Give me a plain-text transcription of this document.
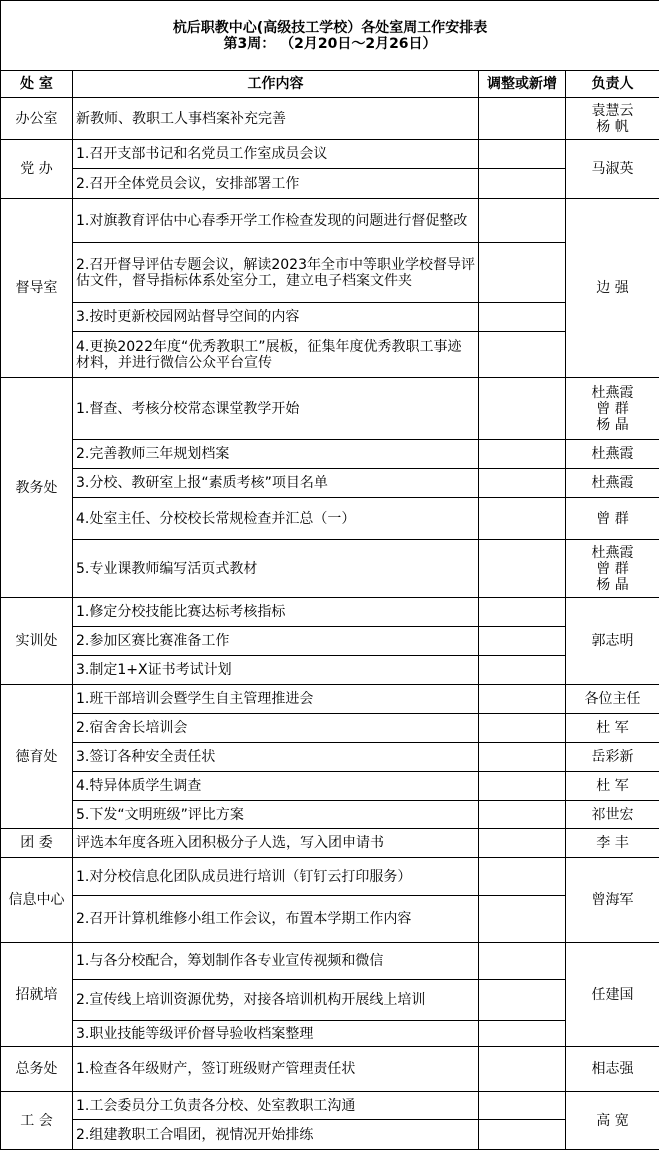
杭后职教中心(高级技工学校）各处室周工作安排表
第3周： （2月20日～2月26日）			

处 室	工作内容	调整或新增	负责人
办公室	新教师、教职工人事档案补充完善		袁慧云
杨 帆

党 办	1.召开支部书记和名党员工作室成员会议		马淑英
	2.召开全体党员会议，安排部署工作		
督导室	1.对旗教育评估中心春季开学工作检查发现的问题进行督促整改		边 强
	2.召开督导评估专题会议，解读2023年全市中等职业学校督导评估文件，督导指标体系处室分工，建立电子档案文件夹		
	3.按时更新校园网站督导空间的内容		
	4.更换2022年度“优秀教职工”展板，征集年度优秀教职工事迹材料，并进行微信公众平台宣传		
教务处	1.督查、考核分校常态课堂教学开始		杜燕霞
曾 群
杨 晶

	2.完善教师三年规划档案		杜燕霞

	3.分校、教研室上报“素质考核”项目名单		杜燕霞

	4.处室主任、分校校长常规检查并汇总（一）		曾 群

	5.专业课教师编写活页式教材		杜燕霞
曾 群
杨 晶

实训处	1.修定分校技能比赛达标考核指标		郭志明
	2.参加区赛比赛准备工作		
	3.制定1+X证书考试计划		
德育处	1.班干部培训会暨学生自主管理推进会		各位主任

	2.宿舍舍长培训会		杜 军

	3.签订各种安全责任状		岳彩新

	4.特异体质学生调查		杜 军

	5.下发“文明班级”评比方案		祁世宏

团 委	评选本年度各班入团积极分子人选，写入团申请书		李 丰

信息中心	1.对分校信息化团队成员进行培训（钉钉云打印服务）		曾海军
	2.召开计算机维修小组工作会议，布置本学期工作内容		
招就培	1.与各分校配合，筹划制作各专业宣传视频和微信		任建国
	2.宣传线上培训资源优势，对接各培训机构开展线上培训		
	3.职业技能等级评价督导验收档案整理		
总务处	1.检查各年级财产，签订班级财产管理责任状		相志强

工 会	1.工会委员分工负责各分校、处室教职工沟通		高 宽
	2.组建教职工合唱团，视情况开始排练		
